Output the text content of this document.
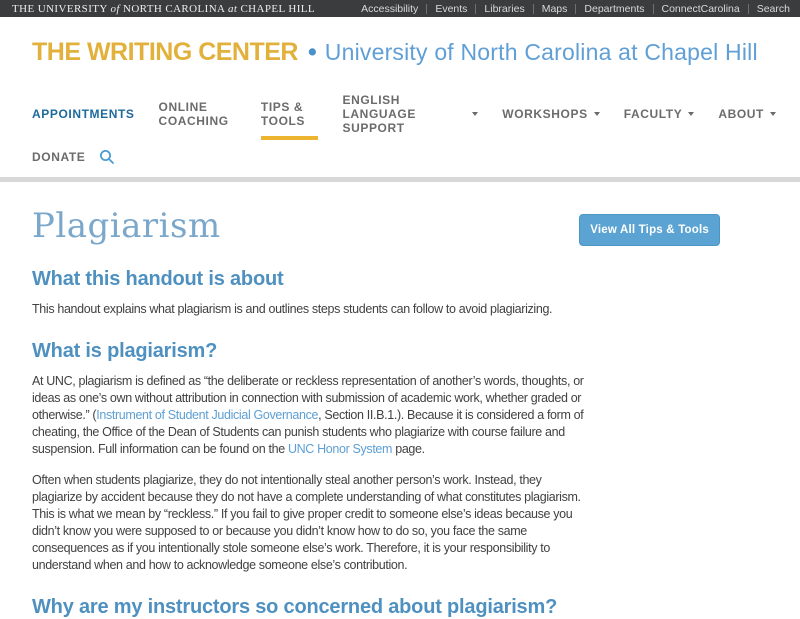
THE UNIVERSITY of NORTH CAROLINA at CHAPEL HILL	Accessibility Events Libraries Maps Departments ConnectCarolina Search
THE WRITING CENTER • University of North Carolina at Chapel Hill
APPOINTMENTS ONLINE COACHING
TIPS & TOOLS
ENGLISH LANGUAGE SUPPORT
WORKSHOPS	FACULTY	ABOUT
DONATE
Plagiarism	View All Tips & Tools
What this handout is about

This handout explains what plagiarism is and outlines steps students can follow to avoid plagiarizing.

What is plagiarism?

At UNC, plagiarism is defined as “the deliberate or reckless representation of another’s words, thoughts, or ideas as one’s own without attribution in connection with submission of academic work, whether graded or otherwise.” (Instrument of Student Judicial Governance, Section II.B.1.). Because it is considered a form of cheating, the Office of the Dean of Students can punish students who plagiarize with course failure and suspension. Full information can be found on the UNC Honor System page.

Often when students plagiarize, they do not intentionally steal another person’s work. Instead, they plagiarize by accident because they do not have a complete understanding of what constitutes plagiarism. This is what we mean by “reckless.” If you fail to give proper credit to someone else’s ideas because you didn’t know you were supposed to or because you didn’t know how to do so, you face the same consequences as if you intentionally stole someone else’s work. Therefore, it is your responsibility to understand when and how to acknowledge someone else’s contribution.

Why are my instructors so concerned about plagiarism?
